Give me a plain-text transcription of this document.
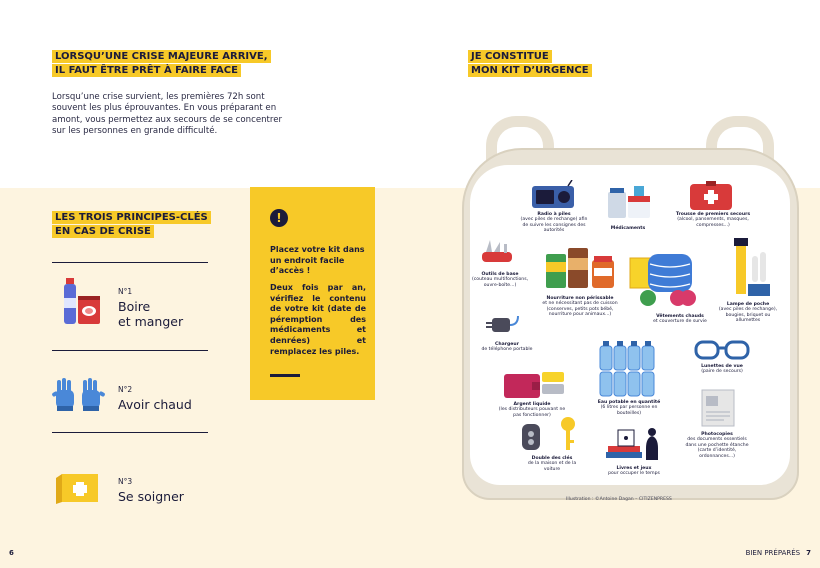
LORSQU’UNE CRISE MAJEURE ARRIVE,
IL FAUT ÊTRE PRÊT À FAIRE FACE

Lorsqu’une crise survient, les premières 72h sont souvent les plus éprouvantes. En vous préparant en amont, vous permettez aux secours de se concentrer sur les personnes en grande difficulté.

LES TROIS PRINCIPES-CLÉS
EN CAS DE CRISE
N°1
Boire
et manger
N°2
Avoir chaud
N°3
Se soigner
!
Placez votre kit dans un endroit facile d’accès !
Deux fois par an, vérifiez le contenu de votre kit (date de péremption des médicaments et denrées) et remplacez les piles.
6
JE CONSTITUE
MON KIT D’URGENCE
Radio à piles
(avec piles de rechange) afin de suivre les consignes des autorités	Médicaments
Trousse de premiers secours
(alcool, pansements, masques, compresses...)
Outils de base
(couteau multifonctions, ouvre-boîte...)
Nourriture non périssable
et ne nécessitant pas de cuisson (conserves, petits pots bébé, nourriture pour animaux...)	Vêtements chauds
et couverture de survie
Lampe de poche
(avec piles de rechange), bougies, briquet ou allumettes
Chargeur
de téléphone portable
Lunettes de vue
(paire de secours)
Argent liquide
(les distributeurs pouvant ne pas fonctionner)
Eau potable en quantité
(6 litres par personne en bouteilles)
Photocopies
des documents essentiels dans une pochette étanche (carte d’identité, ordonnances...)
Double des clés
de la maison et de la voiture	Livres et jeux
pour occuper le temps
Illustration : ©Antoine Dagan – CITIZENPRESS
BIEN PRÉPARÉS 7
